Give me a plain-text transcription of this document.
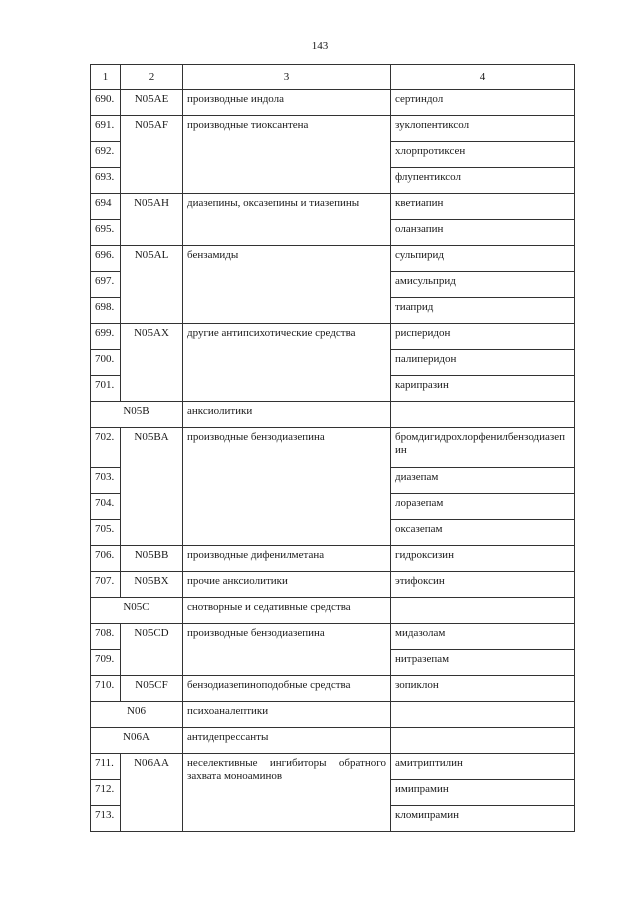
143
1	2	3	4
690.	N05AE	производные индола	сертиндол
691.	N05AF	производные тиоксантена	зуклопентиксол
692.			хлорпротиксен
693.			флупентиксол
694	N05AH	диазепины, оксазепины и тиазепины	кветиапин
695.			оланзапин
696.	N05AL	бензамиды	сульпирид
697.			амисульприд
698.			тиаприд
699.	N05AX	другие антипсихотические средства	рисперидон
700.			палиперидон
701.			карипразин
N05B		анксиолитики	
702.	N05BA	производные бензодиазепина	бромдигидрохлорфенилбензодиазепин
703.			диазепам
704.			лоразепам
705.			оксазепам
706.	N05BB	производные дифенилметана	гидроксизин
707.	N05BX	прочие анксиолитики	этифоксин
N05C		снотворные и седативные средства	
708.	N05CD	производные бензодиазепина	мидазолам
709.			нитразепам
710.	N05CF	бензодиазепиноподобные средства	зопиклон
N06		психоаналептики	
N06A		антидепрессанты	
711.	N06AA	неселективные ингибиторы обратного захвата моноаминов	амитриптилин
712.			имипрамин
713.			кломипрамин
